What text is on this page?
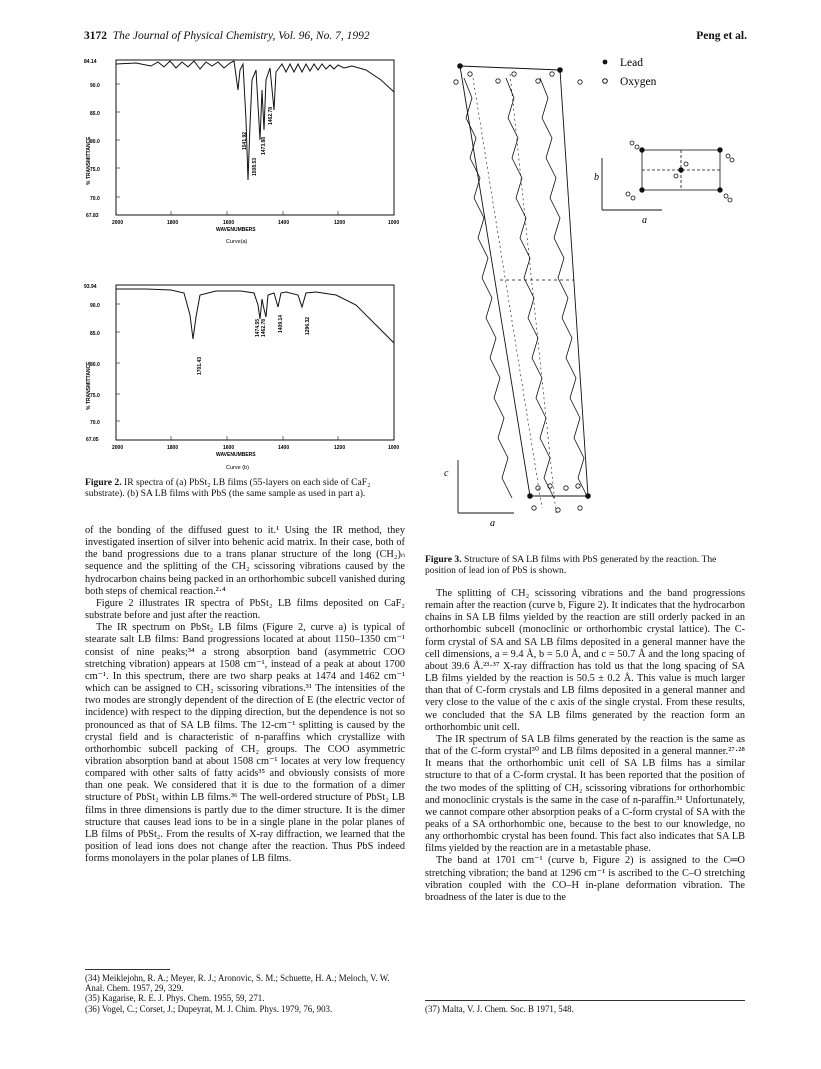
3172 The Journal of Physical Chemistry, Vol. 96, No. 7, 1992	Peng et al.
% TRANSMITTANCE
84.14
90.0
85.0
80.0
75.0
70.0
67.83
1508.53
1541.92	1473.88
1462.78
2000	1800	1600	1400	1200	1000
WAVENUMBERS
Curve(a)
% TRANSMITTANCE
93.94
90.0
85.0
80.0
75.0
70.0
67.05
1701.43
1474.55 1462.78 1409.14	1296.32
2000	1800	1600	1400	1200	1000
WAVENUMBERS
Curve (b)
Figure 2. IR spectra of (a) PbSt₂ LB films (55-layers on each side of CaF₂ substrate). (b) SA LB films with PbS (the same sample as used in part a).

of the bonding of the diffused guest to it.¹ Using the IR method, they investigated insertion of silver into behenic acid matrix. In their case, both of the band progressions due to a trans planar structure of the long (CH₂)ₙ sequence and the splitting of the CH₂ scissoring vibrations caused by the hydrocarbon chains being packed in an orthorhombic subcell vanished during both steps of chemical reaction.²·⁴

Figure 2 illustrates IR spectra of PbSt₂ LB films deposited on CaF₂ substrate before and just after the reaction.

The IR spectrum on PbSt₂ LB films (Figure 2, curve a) is typical of stearate salt LB films: Band progressions located at about 1150–1350 cm⁻¹ consist of nine peaks;³⁴ a strong absorption band (asymmetric COO stretching vibration) appears at 1508 cm⁻¹, instead of a peak at about 1700 cm⁻¹. In this spectrum, there are two sharp peaks at 1474 and 1462 cm⁻¹ which can be assigned to CH₂ scissoring vibrations.³¹ The intensities of the two modes are strongly dependent of the direction of E (the electric vector of incidence) with respect to the dipping direction, but the dependence is not so pronounced as that of SA LB films. The 12-cm⁻¹ splitting is caused by the crystal field and is characteristic of n-paraffins which crystallize with orthorhombic subcell packing of CH₂ groups. The COO asymmetric vibration absorption band at about 1508 cm⁻¹ locates at very low frequency compared with other salts of fatty acids³⁵ and obviously consists of more than one peak. We considered that it is due to the formation of a dimer structure of PbSt₂ within LB films.³⁶ The well-ordered structure of PbSt₂ LB films in three dimensions is partly due to the dimer structure. It is the dimer structure that causes lead ions to be in a single plane in the polar planes of LB films of PbSt₂. From the results of X-ray diffraction, we learned that the position of lead ions does not change after the reaction. Thus PbS indeed forms monolayers in the polar planes of LB films.

(34) Meiklejohn, R. A.; Meyer, R. J.; Aronovic, S. M.; Schuette, H. A.; Meloch, V. W. Anal. Chem. 1957, 29, 329.
(35) Kagarise, R. E. J. Phys. Chem. 1955, 59, 271.
(36) Vogel, C.; Corset, J.; Dupeyrat, M. J. Chim. Phys. 1979, 76, 903.
Lead
Oxygen
b
a
c
a
Figure 3. Structure of SA LB films with PbS generated by the reaction. The position of lead ion of PbS is shown.

The splitting of CH₂ scissoring vibrations and the band progressions remain after the reaction (curve b, Figure 2). It indicates that the hydrocarbon chains in SA LB films yielded by the reaction are still orderly packed in an orthorhombic subcell (monoclinic or orthorhombic crystal lattice). The C-form crystal of SA and SA LB films deposited in a general manner have the cell dimensions, a = 9.4 Å, b = 5.0 Å, and c = 50.7 Å and the long spacing of about 39.6 Å.²³·³⁷ X-ray diffraction has told us that the long spacing of SA LB films yielded by the reaction is 50.5 ± 0.2 Å. This value is much larger than that of C-form crystals and LB films deposited in a general manner and very close to the value of the c axis of the single crystal. From these results, we concluded that the SA LB films generated by the reaction form an orthorhombic unit cell.

The IR spectrum of SA LB films generated by the reaction is the same as that of the C-form crystal³⁰ and LB films deposited in a general manner.²⁷·²⁸ It means that the orthorhombic unit cell of SA LB films has a similar structure to that of a C-form crystal. It has been reported that the position of the two modes of the splitting of CH₂ scissoring vibrations for orthorhombic and monoclinic crystals is the same in the case of n-paraffin.³¹ Unfortunately, we cannot compare other absorption peaks of a C-form crystal of SA with the peaks of a SA orthorhombic one, because to the best to our knowledge, no any orthorhombic crystal has been found. This fact also indicates that SA LB films yielded by the reaction are in a metastable phase.

The band at 1701 cm⁻¹ (curve b, Figure 2) is assigned to the C═O stretching vibration; the band at 1296 cm⁻¹ is ascribed to the C–O stretching vibration coupled with the CO–H in-plane deformation vibration. The broadness of the later is due to the

(37) Malta, V. J. Chem. Soc. B 1971, 548.
